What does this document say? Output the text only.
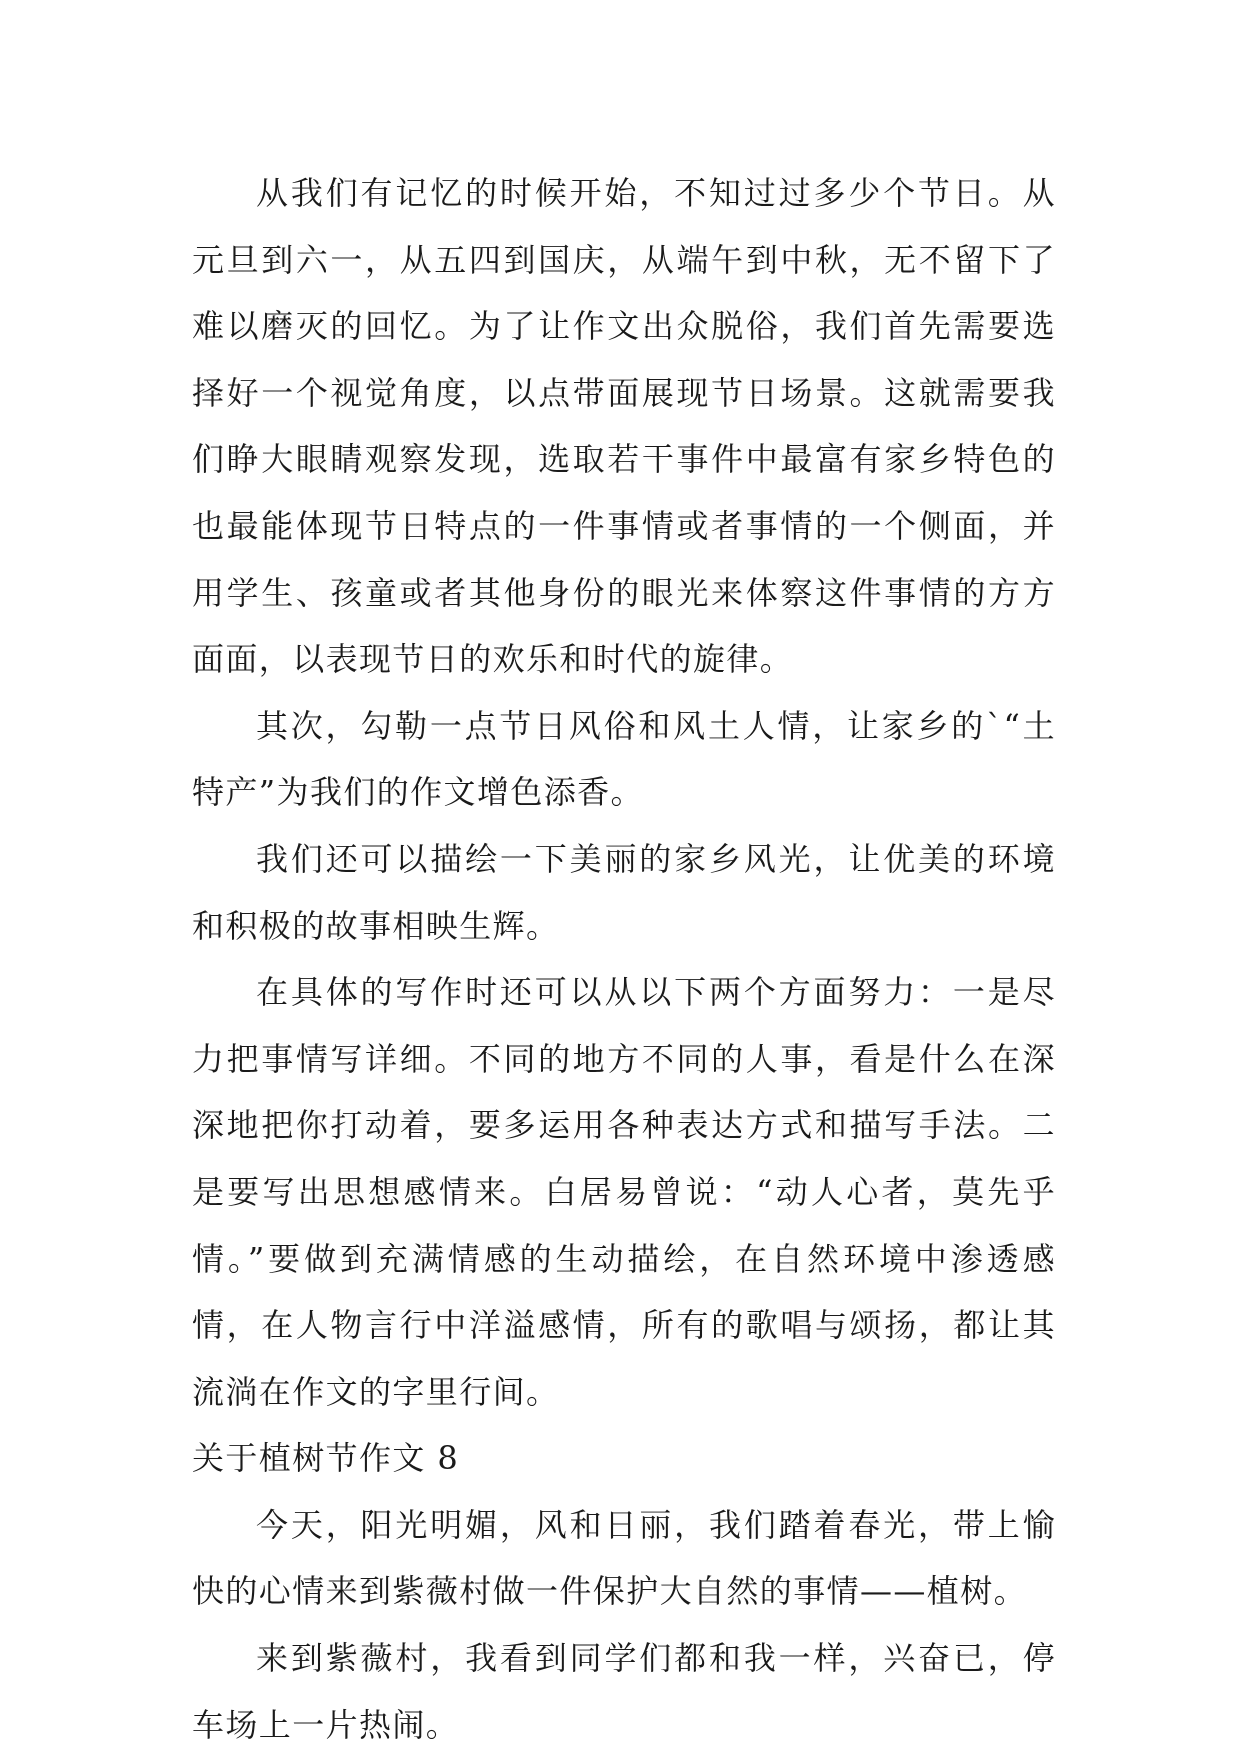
从我们有记忆的时候开始，不知过过多少个节日。从元旦到六一，从五四到国庆，从端午到中秋，无不留下了难以磨灭的回忆。为了让作文出众脱俗，我们首先需要选择好一个视觉角度，以点带面展现节日场景。这就需要我们睁大眼睛观察发现，选取若干事件中最富有家乡特色的也最能体现节日特点的一件事情或者事情的一个侧面，并用学生、孩童或者其他身份的眼光来体察这件事情的方方面面，以表现节日的欢乐和时代的旋律。

其次，勾勒一点节日风俗和风土人情，让家乡的`“土特产”为我们的作文增色添香。

我们还可以描绘一下美丽的家乡风光，让优美的环境和积极的故事相映生辉。

在具体的写作时还可以从以下两个方面努力：一是尽力把事情写详细。不同的地方不同的人事，看是什么在深深地把你打动着，要多运用各种表达方式和描写手法。二是要写出思想感情来。白居易曾说：“动人心者，莫先乎情。”要做到充满情感的生动描绘，在自然环境中渗透感情，在人物言行中洋溢感情，所有的歌唱与颂扬，都让其流淌在作文的字里行间。

关于植树节作文 8

今天，阳光明媚，风和日丽，我们踏着春光，带上愉快的心情来到紫薇村做一件保护大自然的事情——植树。

来到紫薇村，我看到同学们都和我一样，兴奋已，停车场上一片热闹。
